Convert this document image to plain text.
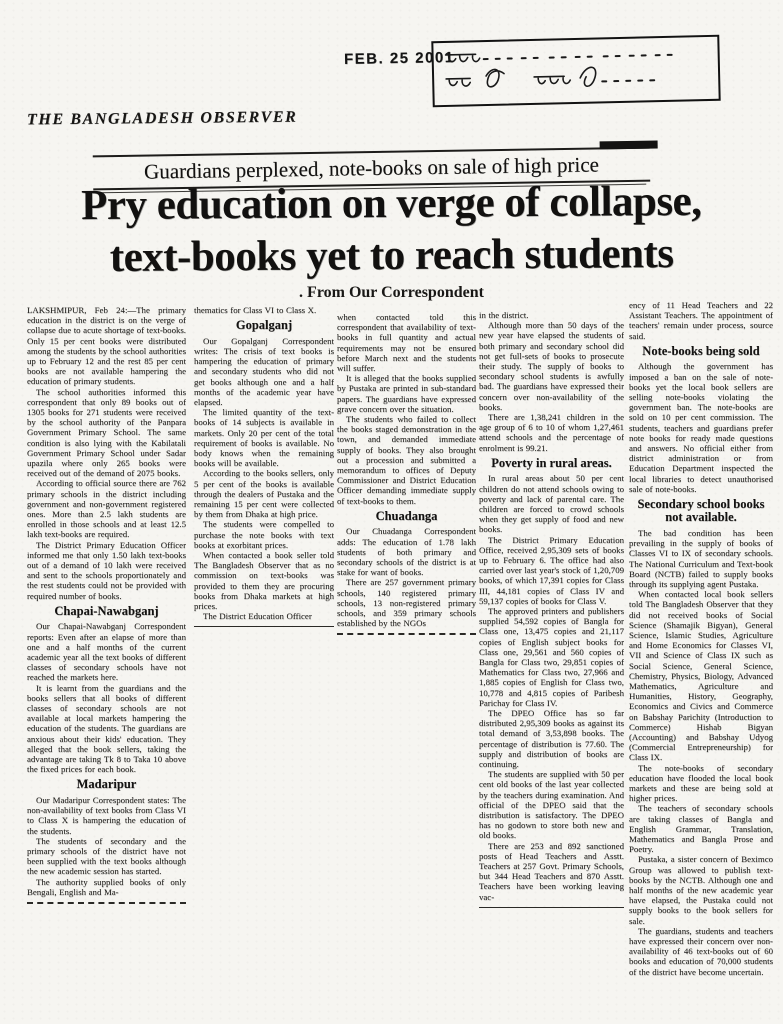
FEB. 25 2001
THE BANGLADESH OBSERVER
Guardians perplexed, note-books on sale of high price
Pry education on verge of collapse,
text-books yet to reach students
. From Our Correspondent

LAKSHMIPUR, Feb 24:—The primary education in the district is on the verge of collapse due to acute shortage of text-books. Only 15 per cent books were distributed among the students by the school authorities up to February 12 and the rest 85 per cent books are not available hampering the education of primary students.

The school authorities informed this correspondent that only 89 books out of 1305 books for 271 students were received by the school authority of the Panpara Government Primary School. The same condition is also lying with the Kabilatali Government Primary School under Sadar upazila where only 265 books were received out of the demand of 2075 books.

According to official source there are 762 primary schools in the district including government and non-government registered ones. More than 2.5 lakh students are enrolled in those schools and at least 12.5 lakh text-books are required.

The District Primary Education Officer informed me that only 1.50 lakh text-books out of a demand of 10 lakh were received and sent to the schools proportionately and the rest students could not be provided with required number of books.

Chapai-Nawabganj

Our Chapai-Nawabganj Correspondent reports: Even after an elapse of more than one and a half months of the current academic year all the text books of different classes of secondary schools have not reached the markets here.

It is learnt from the guardians and the books sellers that all books of different classes of secondary schools are not available at local markets hampering the education of the students. The guardians are anxious about their kids' education. They alleged that the book sellers, taking the advantage are taking Tk 8 to Taka 10 above the fixed prices for each book.

Madaripur

Our Madaripur Correspondent states: The non-availability of text books from Class VI to Class X is hampering the education of the students.

The students of secondary and the primary schools of the district have not been supplied with the text books although the new academic session has started.

The authority supplied books of only Bengali, English and Ma-

thematics for Class VI to Class X.

Gopalganj

Our Gopalganj Correspondent writes: The crisis of text books is hampering the education of primary and secondary students who did not get books although one and a half months of the academic year have elapsed.

The limited quantity of the text-books of 14 subjects is available in markets. Only 20 per cent of the total requirement of books is available. No body knows when the remaining books will be available.

According to the books sellers, only 5 per cent of the books is available through the dealers of Pustaka and the remaining 15 per cent were collected by them from Dhaka at high price.

The students were compelled to purchase the note books with text books at exorbitant prices.

When contacted a book seller told The Bangladesh Observer that as no commission on text-books was provided to them they are procuring books from Dhaka markets at high prices.

The District Education Officer

when contacted told this correspondent that availability of text-books in full quantity and actual requirements may not be ensured before March next and the students will suffer.

It is alleged that the books supplied by Pustaka are printed in sub-standard papers. The guardians have expressed grave concern over the situation.

The students who failed to collect the books staged demonstration in the town, and demanded immediate supply of books. They also brought out a procession and submitted a memorandum to offices of Deputy Commissioner and District Education Officer demanding immediate supply of text-books to them.

Chuadanga

Our Chuadanga Correspondent adds: The education of 1.78 lakh students of both primary and secondary schools of the district is at stake for want of books.

There are 257 government primary schools, 140 registered primary schools, 13 non-registered primary schools, and 359 primary schools established by the NGOs

in the district.

Although more than 50 days of the new year have elapsed the students of both primary and secondary school did not get full-sets of books to prosecute their study. The supply of books to secondary school students is awfully bad. The guardians have expressed their concern over non-availability of the books.

There are 1,38,241 children in the age group of 6 to 10 of whom 1,27,461 attend schools and the percentage of enrolment is 99.21.

Poverty in rural areas.

In rural areas about 50 per cent children do not attend schools owing to poverty and lack of parental care. The children are forced to crowd schools when they get supply of food and new books.

The District Primary Education Office, received 2,95,309 sets of books up to February 6. The office had also carried over last year's stock of 1,20,709 books, of which 17,391 copies for Class III, 44,181 copies of Class IV and 59,137 copies of books for Class V.

The approved printers and publishers supplied 54,592 copies of Bangla for Class one, 13,475 copies and 21,117 copies of English subject books for Class one, 29,561 and 560 copies of Bangla for Class two, 29,851 copies of Mathematics for Class two, 27,966 and 1,885 copies of English for Class two, 10,778 and 4,815 copies of Paribesh Parichay for Class IV.

The DPEO Office has so far distributed 2,95,309 books as against its total demand of 3,53,898 books. The percentage of distribution is 77.60. The supply and distribution of books are continuing.

The students are supplied with 50 per cent old books of the last year collected by the teachers during examination. And official of the DPEO said that the distribution is satisfactory. The DPEO has no godown to store both new and old books.

There are 253 and 892 sanctioned posts of Head Teachers and Asstt. Teachers at 257 Govt. Primary Schools, but 344 Head Teachers and 870 Asstt. Teachers have been working leaving vac-

ency of 11 Head Teachers and 22 Assistant Teachers. The appointment of teachers' remain under process, source said.

Note-books being sold

Although the government has imposed a ban on the sale of note-books yet the local book sellers are selling note-books violating the government ban. The note-books are sold on 10 per cent commission. The students, teachers and guardians prefer note books for ready made questions and answers. No official either from district administration or from Education Department inspected the local libraries to detect unauthorised sale of note-books.

Secondary school books not available.

The bad condition has been prevailing in the supply of books of Classes VI to IX of secondary schools. The National Curriculum and Text-book Board (NCTB) failed to supply books through its supplying agent Pustaka.

When contacted local book sellers told The Bangladesh Observer that they did not received books of Social Science (Shamajik Bigyan), General Science, Islamic Studies, Agriculture and Home Economics for Classes VI, VII and Science of Class IX such as Social Science, General Science, Chemistry, Physics, Biology, Advanced Mathematics, Agriculture and Humanities, History, Geography, Economics and Civics and Commerce on Babshay Parichity (Introduction to Commerce) Hishab Bigyan (Accounting) and Babshay Udyog (Commercial Entrepreneurship) for Class IX.

The note-books of secondary education have flooded the local book markets and these are being sold at higher prices.

The teachers of secondary schools are taking classes of Bangla and English Grammar, Translation, Mathematics and Bangla Prose and Poetry.

Pustaka, a sister concern of Beximco Group was allowed to publish text-books by the NCTB. Although one and half months of the new academic year have elapsed, the Pustaka could not supply books to the book sellers for sale.

The guardians, students and teachers have expressed their concern over non-availability of 46 text-books out of 60 books and education of 70,000 students of the district have become uncertain.
